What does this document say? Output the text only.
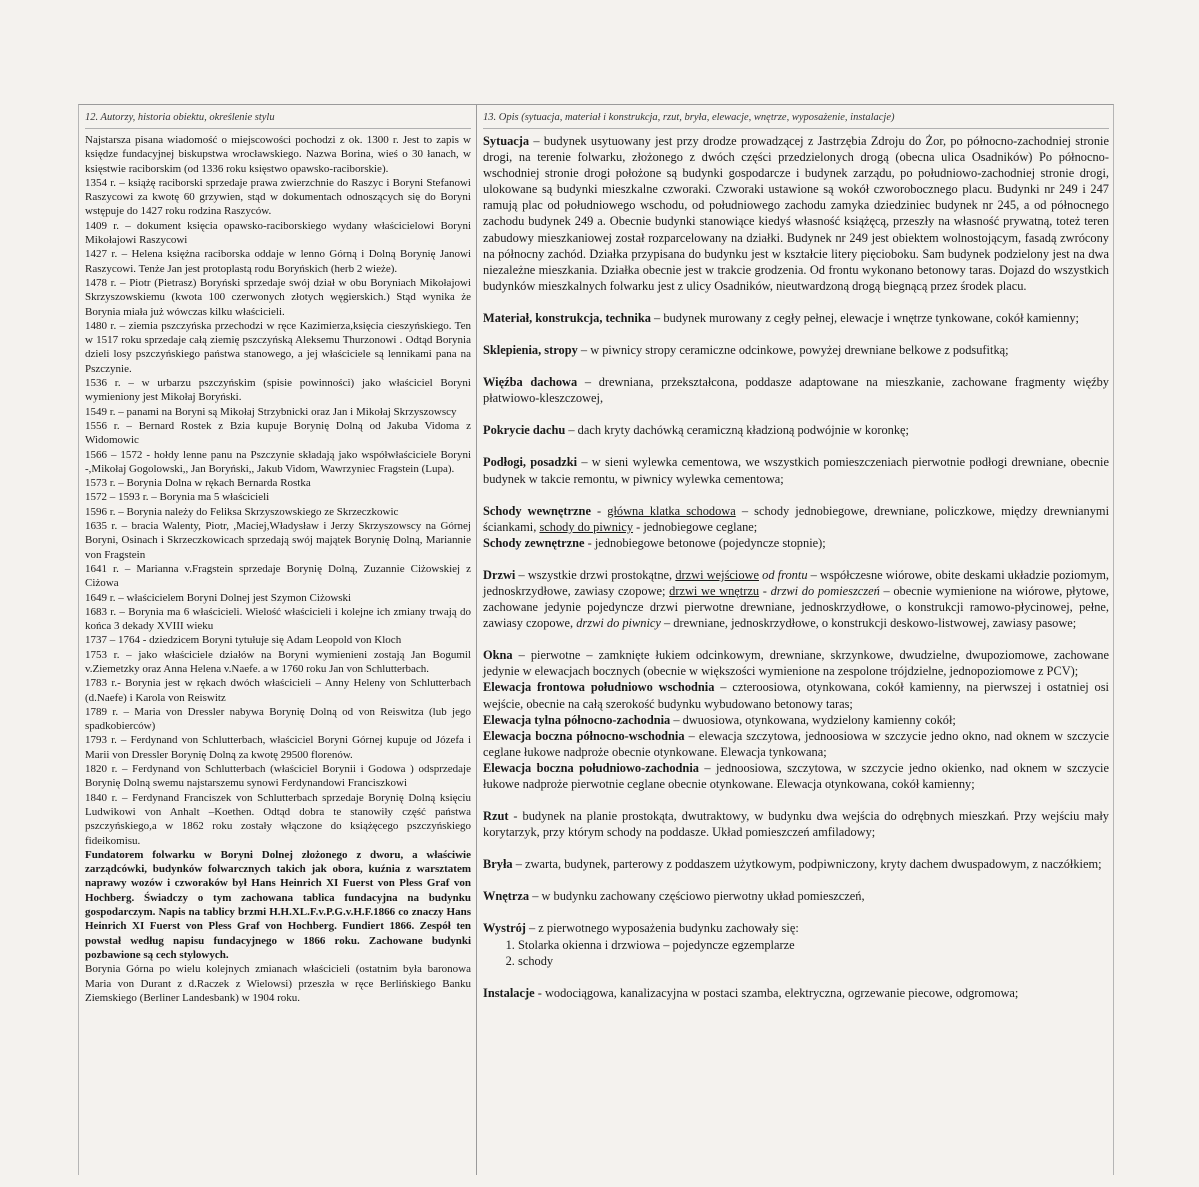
12. Autorzy, historia obiektu, określenie stylu

Najstarsza pisana wiadomość o miejscowości pochodzi z ok. 1300 r. Jest to zapis w księdze fundacyjnej biskupstwa wrocławskiego. Nazwa Borina, wieś o 30 łanach, w księstwie raciborskim (od 1336 roku księstwo opawsko-raciborskie).

1354 r. – książę raciborski sprzedaje prawa zwierzchnie do Raszyc i Boryni Stefanowi Raszycowi za kwotę 60 grzywien, stąd w dokumentach odnoszących się do Boryni wstępuje do 1427 roku rodzina Raszyców.

1409 r. – dokument księcia opawsko-raciborskiego wydany właścicielowi Boryni Mikołajowi Raszycowi

1427 r. – Helena księżna raciborska oddaje w lenno Górną i Dolną Borynię Janowi Raszycowi. Tenże Jan jest protoplastą rodu Boryńskich (herb 2 wieże).

1478 r. – Piotr (Pietrasz) Boryński sprzedaje swój dział w obu Boryniach Mikołajowi Skrzyszowskiemu (kwota 100 czerwonych złotych węgierskich.) Stąd wynika że Borynia miała już wówczas kilku właścicieli.

1480 r. – ziemia pszczyńska przechodzi w ręce Kazimierza,księcia cieszyńskiego. Ten w 1517 roku sprzedaje całą ziemię pszczyńską Aleksemu Thurzonowi . Odtąd Borynia dzieli losy pszczyńskiego państwa stanowego, a jej właściciele są lennikami pana na Pszczynie.

1536 r. – w urbarzu pszczyńskim (spisie powinności) jako właściciel Boryni wymieniony jest Mikołaj Boryński.

1549 r. – panami na Boryni są Mikołaj Strzybnicki oraz Jan i Mikołaj Skrzyszowscy

1556 r. – Bernard Rostek z Bzia kupuje Borynię Dolną od Jakuba Vidoma z Widomowic

1566 – 1572 - hołdy lenne panu na Pszczynie składają jako współwłaściciele Boryni -,Mikołaj Gogolowski,, Jan Boryński,, Jakub Vidom, Wawrzyniec Fragstein (Lupa).

1573 r. – Borynia Dolna w rękach Bernarda Rostka

1572 – 1593 r. – Borynia ma 5 właścicieli

1596 r. – Borynia należy do Feliksa Skrzyszowskiego ze Skrzeczkowic

1635 r. – bracia Walenty, Piotr, ,Maciej,Władysław i Jerzy Skrzyszowscy na Górnej Boryni, Osinach i Skrzeczkowicach sprzedają swój majątek Borynię Dolną, Mariannie von Fragstein

1641 r. – Marianna v.Fragstein sprzedaje Borynię Dolną, Zuzannie Ciżowskiej z Ciżowa

1649 r. – właścicielem Boryni Dolnej jest Szymon Ciżowski

1683 r. – Borynia ma 6 właścicieli. Wielość właścicieli i kolejne ich zmiany trwają do końca 3 dekady XVIII wieku

1737 – 1764 - dziedzicem Boryni tytułuje się Adam Leopold von Kloch

1753 r. – jako właściciele działów na Boryni wymienieni zostają Jan Bogumil v.Ziemetzky oraz Anna Helena v.Naefe. a w 1760 roku Jan von Schlutterbach.

1783 r.- Borynia jest w rękach dwóch właścicieli – Anny Heleny von Schlutterbach (d.Naefe) i Karola von Reiswitz

1789 r. – Maria von Dressler nabywa Borynię Dolną od von Reiswitza (lub jego spadkobierców)

1793 r. – Ferdynand von Schlutterbach, właściciel Boryni Górnej kupuje od Józefa i Marii von Dressler Borynię Dolną za kwotę 29500 florenów.

1820 r. – Ferdynand von Schlutterbach (właściciel Borynii i Godowa ) odsprzedaje Borynię Dolną swemu najstarszemu synowi Ferdynandowi Franciszkowi

1840 r. – Ferdynand Franciszek von Schlutterbach sprzedaje Borynię Dolną księciu Ludwikowi von Anhalt –Koethen. Odtąd dobra te stanowiły część państwa pszczyńskiego,a w 1862 roku zostały włączone do książęcego pszczyńskiego fideikomisu.

Fundatorem folwarku w Boryni Dolnej złożonego z dworu, a właściwie zarządcówki, budynków folwarcznych takich jak obora, kuźnia z warsztatem naprawy wozów i czworaków był Hans Heinrich XI Fuerst von Pless Graf von Hochberg. Świadczy o tym zachowana tablica fundacyjna na budynku gospodarczym. Napis na tablicy brzmi H.H.XL.F.v.P.G.v.H.F.1866 co znaczy Hans Heinrich XI Fuerst von Pless Graf von Hochberg. Fundiert 1866. Zespół ten powstał według napisu fundacyjnego w 1866 roku. Zachowane budynki pozbawione są cech stylowych.

Borynia Górna po wielu kolejnych zmianach właścicieli (ostatnim była baronowa Maria von Durant z d.Raczek z Wielowsi) przeszła w ręce Berlińskiego Banku Ziemskiego (Berliner Landesbank) w 1904 roku.

13. Opis (sytuacja, materiał i konstrukcja, rzut, bryła, elewacje, wnętrze, wyposażenie, instalacje)

Sytuacja – budynek usytuowany jest przy drodze prowadzącej z Jastrzębia Zdroju do Żor, po północno-zachodniej stronie drogi, na terenie folwarku, złożonego z dwóch części przedzielonych drogą (obecna ulica Osadników) Po północno-wschodniej stronie drogi położone są budynki gospodarcze i budynek zarządu, po południowo-zachodniej stronie drogi, ulokowane są budynki mieszkalne czworaki. Czworaki ustawione są wokół czworobocznego placu. Budynki nr 249 i 247 ramują plac od południowego wschodu, od południowego zachodu zamyka dziedziniec budynek nr 245, a od północnego zachodu budynek 249 a. Obecnie budynki stanowiące kiedyś własność książęcą, przeszły na własność prywatną, toteż teren zabudowy mieszkaniowej został rozparcelowany na działki. Budynek nr 249 jest obiektem wolnostojącym, fasadą zwrócony na północny zachód. Działka przypisana do budynku jest w kształcie litery pięcioboku. Sam budynek podzielony jest na dwa niezależne mieszkania. Działka obecnie jest w trakcie grodzenia. Od frontu wykonano betonowy taras. Dojazd do wszystkich budynków mieszkalnych folwarku jest z ulicy Osadników, nieutwardzoną drogą biegnącą przez środek placu.

Materiał, konstrukcja, technika – budynek murowany z cegły pełnej, elewacje i wnętrze tynkowane, cokół kamienny;

Sklepienia, stropy – w piwnicy stropy ceramiczne odcinkowe, powyżej drewniane belkowe z podsufitką;

Więźba dachowa – drewniana, przekształcona, poddasze adaptowane na mieszkanie, zachowane fragmenty więźby płatwiowo-kleszczowej,

Pokrycie dachu – dach kryty dachówką ceramiczną kładzioną podwójnie w koronkę;

Podłogi, posadzki – w sieni wylewka cementowa, we wszystkich pomieszczeniach pierwotnie podłogi drewniane, obecnie budynek w takcie remontu, w piwnicy wylewka cementowa;

Schody wewnętrzne - główna klatka schodowa – schody jednobiegowe, drewniane, policzkowe, między drewnianymi ściankami, schody do piwnicy - jednobiegowe ceglane;

Schody zewnętrzne - jednobiegowe betonowe (pojedyncze stopnie);

Drzwi – wszystkie drzwi prostokątne, drzwi wejściowe od frontu – współczesne wiórowe, obite deskami układzie poziomym, jednoskrzydłowe, zawiasy czopowe; drzwi we wnętrzu - drzwi do pomieszczeń – obecnie wymienione na wiórowe, płytowe, zachowane jedynie pojedyncze drzwi pierwotne drewniane, jednoskrzydłowe, o konstrukcji ramowo-płycinowej, pełne, zawiasy czopowe, drzwi do piwnicy – drewniane, jednoskrzydłowe, o konstrukcji deskowo-listwowej, zawiasy pasowe;

Okna – pierwotne – zamknięte łukiem odcinkowym, drewniane, skrzynkowe, dwudzielne, dwupoziomowe, zachowane jedynie w elewacjach bocznych (obecnie w większości wymienione na zespolone trójdzielne, jednopoziomowe z PCV);

Elewacja frontowa południowo wschodnia – czteroosiowa, otynkowana, cokół kamienny, na pierwszej i ostatniej osi wejście, obecnie na całą szerokość budynku wybudowano betonowy taras;

Elewacja tylna północno-zachodnia – dwuosiowa, otynkowana, wydzielony kamienny cokół;

Elewacja boczna północno-wschodnia – elewacja szczytowa, jednoosiowa w szczycie jedno okno, nad oknem w szczycie ceglane łukowe nadproże obecnie otynkowane. Elewacja tynkowana;

Elewacja boczna południowo-zachodnia – jednoosiowa, szczytowa, w szczycie jedno okienko, nad oknem w szczycie łukowe nadproże pierwotnie ceglane obecnie otynkowane. Elewacja otynkowana, cokół kamienny;

Rzut - budynek na planie prostokąta, dwutraktowy, w budynku dwa wejścia do odrębnych mieszkań. Przy wejściu mały korytarzyk, przy którym schody na poddasze. Układ pomieszczeń amfiladowy;

Bryła – zwarta, budynek, parterowy z poddaszem użytkowym, podpiwniczony, kryty dachem dwuspadowym, z naczółkiem;

Wnętrza – w budynku zachowany częściowo pierwotny układ pomieszczeń,

Wystrój – z pierwotnego wyposażenia budynku zachowały się:

1. Stolarka okienna i drzwiowa – pojedyncze egzemplarze
2. schody

Instalacje - wodociągowa, kanalizacyjna w postaci szamba, elektryczna, ogrzewanie piecowe, odgromowa;
